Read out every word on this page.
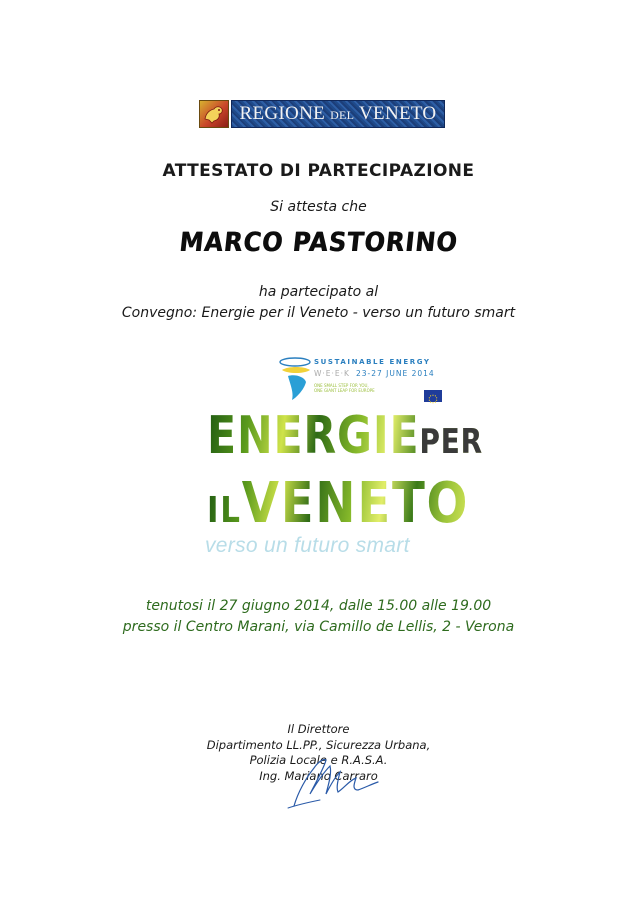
REGIONE DEL VENETO
ATTESTATO DI PARTECIPAZIONE
Si attesta che
MARCO PASTORINO
ha partecipato al
Convegno: Energie per il Veneto - verso un futuro smart
SUSTAINABLE ENERGY
W·E·E·K 23-27 JUNE 2014
ONE SMALL STEP FOR YOU,
ONE GIANT LEAP FOR EUROPE
ENERGIEPER
ILVENETO
verso un futuro smart
tenutosi il 27 giugno 2014, dalle 15.00 alle 19.00
presso il Centro Marani, via Camillo de Lellis, 2 - Verona
Il Direttore
Dipartimento LL.PP., Sicurezza Urbana,
Polizia Locale e R.A.S.A.
Ing. Mariano Carraro
